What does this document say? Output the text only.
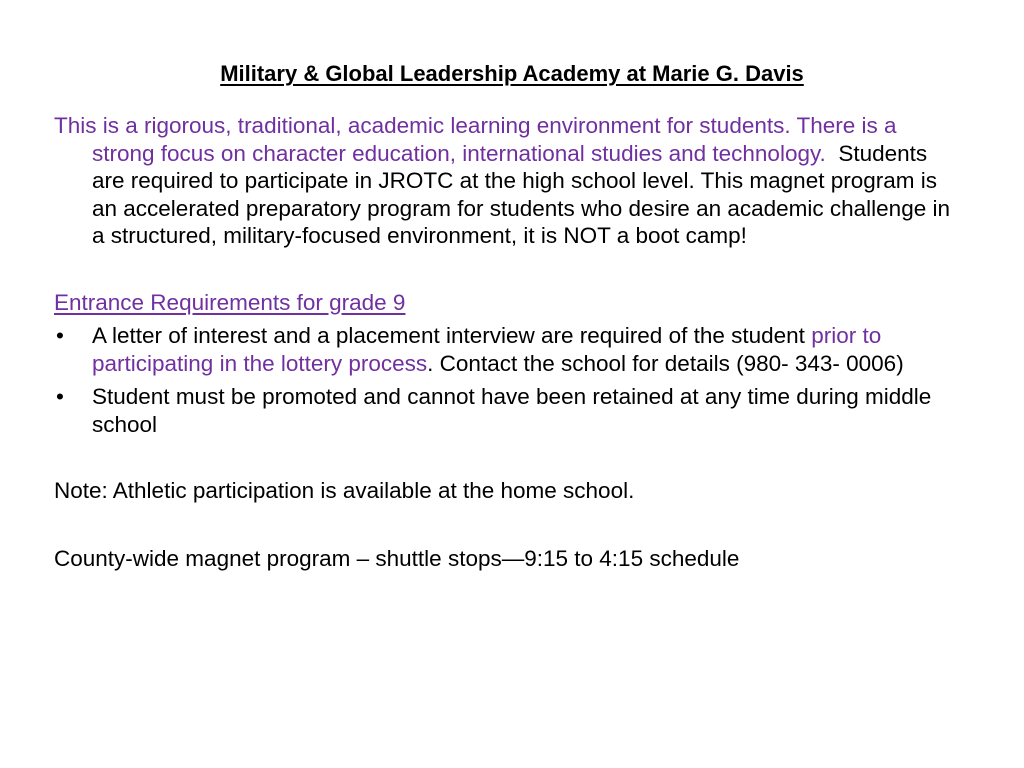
Military & Global Leadership Academy at Marie G. Davis

This is a rigorous, traditional, academic learning environment for students. There is a strong focus on character education, international studies and technology. Students are required to participate in JROTC at the high school level. This magnet program is an accelerated preparatory program for students who desire an academic challenge in a structured, military-focused environment, it is NOT a boot camp!

Entrance Requirements for grade 9

• A letter of interest and a placement interview are required of the student prior to participating in the lottery process. Contact the school for details (980- 343- 0006)
• Student must be promoted and cannot have been retained at any time during middle school

Note: Athletic participation is available at the home school.

County-wide magnet program – shuttle stops—9:15 to 4:15 schedule
